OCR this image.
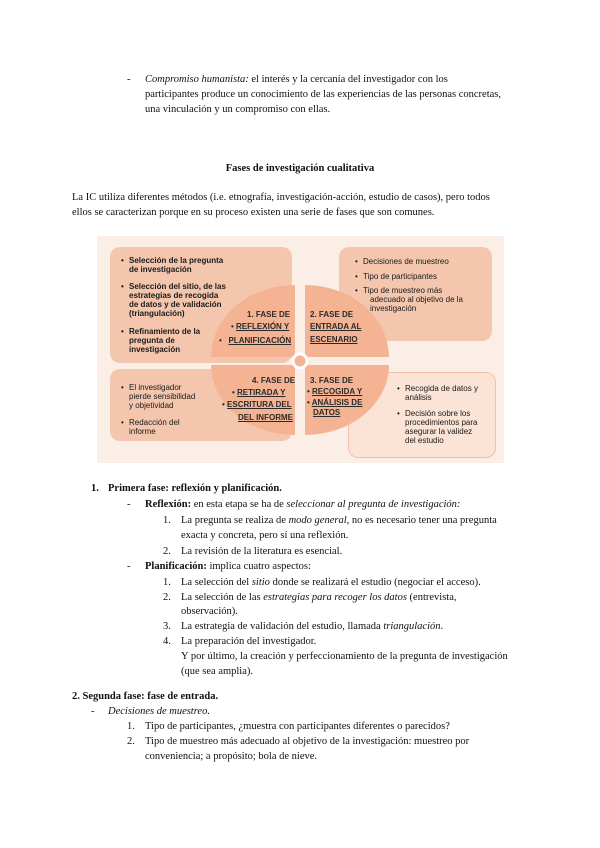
- Compromiso humanista: el interés y la cercanía del investigador con los
participantes produce un conocimiento de las experiencias de las personas concretas,
una vinculación y un compromiso con ellas.
Fases de investigación cualitativa
La IC utiliza diferentes métodos (i.e. etnografía, investigación-acción, estudio de casos), pero todos
ellos se caracterizan porque en su proceso existen una serie de fases que son comunes.
• Selección de la pregunta
de investigación
• Selección del sitio, de las
estrategias de recogida
de datos y de validación
(triangulación)
• Refinamiento de la
pregunta de
investigación
• Decisiones de muestreo
• Tipo de participantes
• Tipo de muestreo más
adecuado al objetivo de la
investigación
• El investigador
pierde sensibilidad
y objetividad
• Redacción del
informe
• Recogida de datos y
análisis
• Decisión sobre los
procedimientos para
asegurar la validez
del estudio
1. FASE DE
• REFLEXIÓN Y
•   PLANIFICACIÓN
2. FASE DE
ENTRADA AL
ESCENARIO
3. FASE DE
• RECOGIDA Y
• ANÁLISIS DE
DATOS
4. FASE DE
• RETIRADA Y
• ESCRITURA DEL
DEL INFORME
1. Primera fase: reflexión y planificación.
- Reflexión: en esta etapa se ha de seleccionar al pregunta de investigación:
1. La pregunta se realiza de modo general, no es necesario tener una pregunta
exacta y concreta, pero sí una reflexión.
2. La revisión de la literatura es esencial.
- Planificación: implica cuatro aspectos:
1. La selección del sitio donde se realizará el estudio (negociar el acceso).
2. La selección de las estrategias para recoger los datos (entrevista,
observación).
3. La estrategia de validación del estudio, llamada triangulación.
4. La preparación del investigador.
Y por último, la creación y perfeccionamiento de la pregunta de investigación
(que sea amplia).
2. Segunda fase: fase de entrada.
- Decisiones de muestreo.
1. Tipo de participantes, ¿muestra con participantes diferentes o parecidos?
2. Tipo de muestreo más adecuado al objetivo de la investigación: muestreo por
conveniencia; a propósito; bola de nieve.
